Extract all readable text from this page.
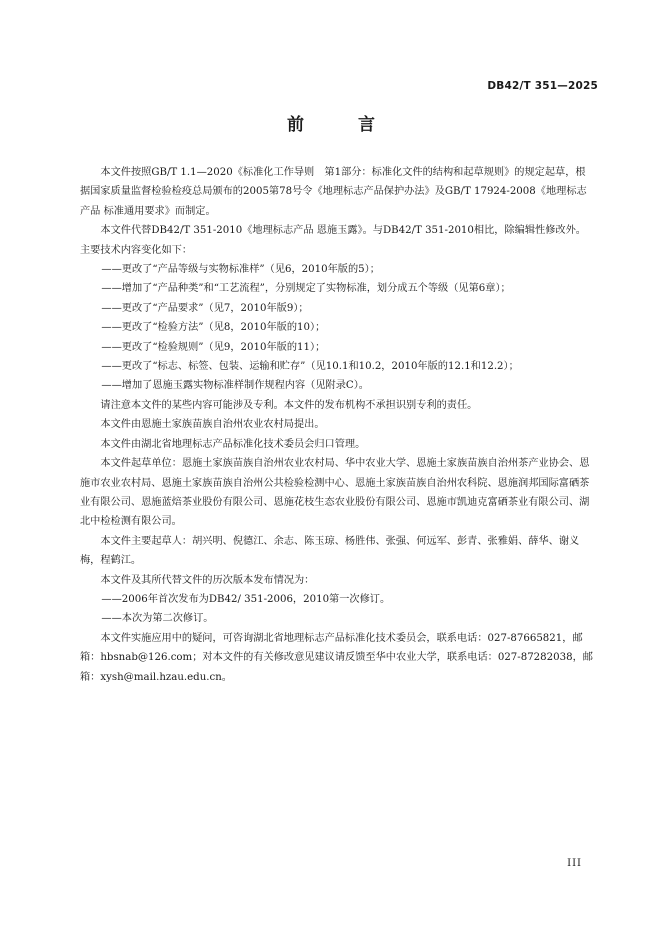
DB42/T 351—2025
前 言

本文件按照GB/T 1.1—2020《标准化工作导则　第1部分：标准化文件的结构和起草规则》的规定起草，根据国家质量监督检验检疫总局颁布的2005第78号令《地理标志产品保护办法》及GB/T 17924-2008《地理标志产品 标准通用要求》而制定。

本文件代替DB42/T 351-2010《地理标志产品 恩施玉露》。与DB42/T 351-2010相比，除编辑性修改外。主要技术内容变化如下：

——更改了“产品等级与实物标准样”（见6，2010年版的5）；

——增加了“产品种类”和“工艺流程”，分别规定了实物标准，划分成五个等级（见第6章）；

——更改了“产品要求”（见7，2010年版9）；

——更改了“检验方法”（见8，2010年版的10）；

——更改了“检验规则”（见9，2010年版的11）；

——更改了“标志、标签、包装、运输和贮存”（见10.1和10.2，2010年版的12.1和12.2）；

——增加了恩施玉露实物标准样制作规程内容（见附录C）。

请注意本文件的某些内容可能涉及专利。本文件的发布机构不承担识别专利的责任。

本文件由恩施土家族苗族自治州农业农村局提出。

本文件由湖北省地理标志产品标准化技术委员会归口管理。

本文件起草单位：恩施土家族苗族自治州农业农村局、华中农业大学、恩施土家族苗族自治州茶产业协会、恩施市农业农村局、恩施土家族苗族自治州公共检验检测中心、恩施土家族苗族自治州农科院、恩施润邦国际富硒茶业有限公司、恩施蓝焙茶业股份有限公司、恩施花枝生态农业股份有限公司、恩施市凯迪克富硒茶业有限公司、湖北中检检测有限公司。

本文件主要起草人：胡兴明、倪德江、余志、陈玉琼、杨胜伟、张强、何远军、彭青、张雅娟、薛华、谢义梅，程鹤江。

本文件及其所代替文件的历次版本发布情况为：

——2006年首次发布为DB42/ 351-2006，2010第一次修订。

——本次为第二次修订。

本文件实施应用中的疑问，可咨询湖北省地理标志产品标准化技术委员会，联系电话：027-87665821，邮箱：hbsnab@126.com；对本文件的有关修改意见建议请反馈至华中农业大学，联系电话：027-87282038，邮箱：xysh@mail.hzau.edu.cn。

III
